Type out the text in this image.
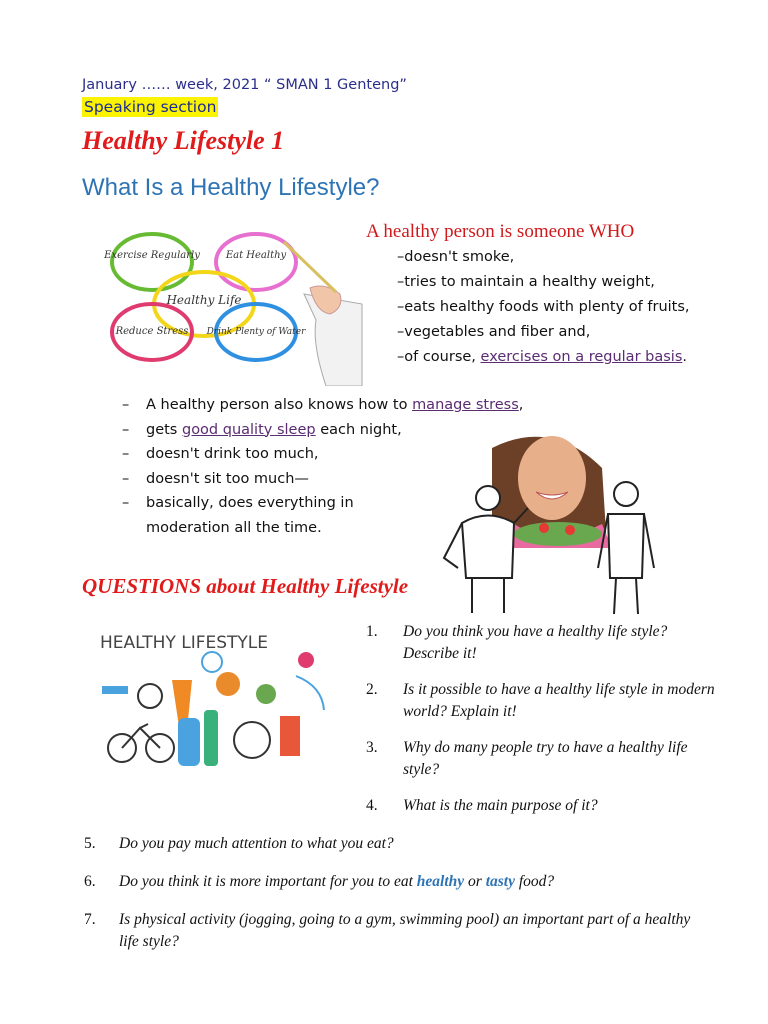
January …… week, 2021 “ SMAN 1 Genteng”
Speaking section
Healthy Lifestyle 1
What Is a Healthy Lifestyle?
Exercise Regularly	Eat Healthy
Healthy Life
Reduce Stress Drink Plenty of Water
A healthy person is someone WHO
–doesn't smoke,
–tries to maintain a healthy weight,
–eats healthy foods with plenty of fruits,
–vegetables and fiber and,
–of course, exercises on a regular basis.
– A healthy person also knows how to manage stress,
– gets good quality sleep each night,
– doesn't drink too much,
– doesn't sit too much—
– basically, does everything in
moderation all the time.
QUESTIONS about Healthy Lifestyle
HEALTHY LIFESTYLE
1. Do you think you have a healthy life style? Describe it!
2. Is it possible to have a healthy life style in modern world? Explain it!
3. Why do many people try to have a healthy life style?
4. What is the main purpose of it?
5. Do you pay much attention to what you eat?
6. Do you think it is more important for you to eat healthy or tasty food?
7. Is physical activity (jogging, going to a gym, swimming pool) an important part of a healthy life style?
